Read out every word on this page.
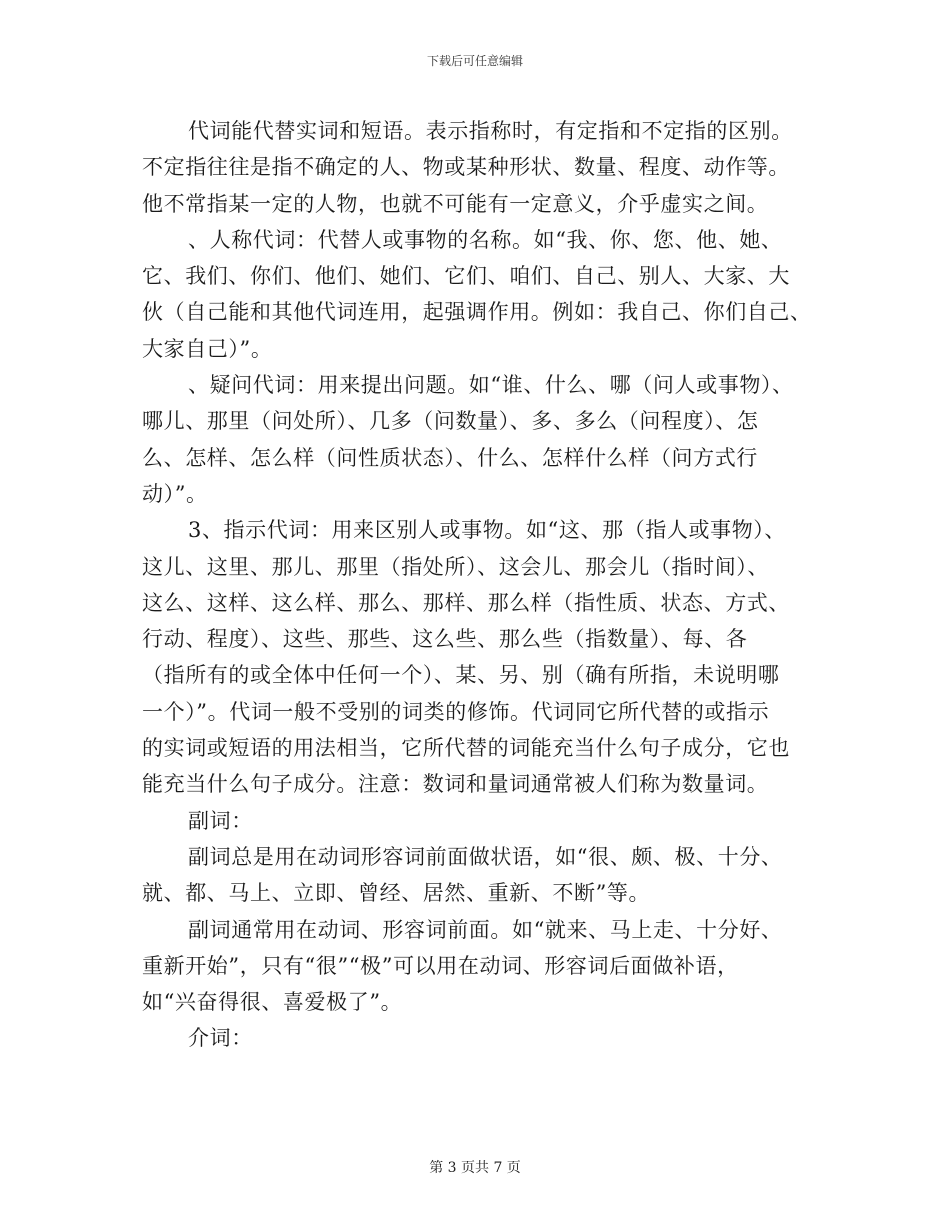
下载后可任意编辑
代词能代替实词和短语。表示指称时，有定指和不定指的区别。
不定指往往是指不确定的人、物或某种形状、数量、程度、动作等。
他不常指某一定的人物，也就不可能有一定意义，介乎虚实之间。
、人称代词：代替人或事物的名称。如“我、你、您、他、她、
它、我们、你们、他们、她们、它们、咱们、自己、别人、大家、大
伙（自己能和其他代词连用，起强调作用。例如：我自己、你们自己、
大家自己）”。
、疑问代词：用来提出问题。如“谁、什么、哪（问人或事物）、
哪儿、那里（问处所）、几多（问数量）、多、多么（问程度）、怎
么、怎样、怎么样（问性质状态）、什么、怎样什么样（问方式行
动）”。
3、指示代词：用来区别人或事物。如“这、那（指人或事物）、
这儿、这里、那儿、那里（指处所）、这会儿、那会儿（指时间）、
这么、这样、这么样、那么、那样、那么样（指性质、状态、方式、
行动、程度）、这些、那些、这么些、那么些（指数量）、每、各
（指所有的或全体中任何一个）、某、另、别（确有所指，未说明哪
一个）”。代词一般不受别的词类的修饰。代词同它所代替的或指示
的实词或短语的用法相当，它所代替的词能充当什么句子成分，它也
能充当什么句子成分。注意：数词和量词通常被人们称为数量词。
副词：
副词总是用在动词形容词前面做状语，如“很、颇、极、十分、
就、都、马上、立即、曾经、居然、重新、不断”等。
副词通常用在动词、形容词前面。如“就来、马上走、十分好、
重新开始”，只有“很”“极”可以用在动词、形容词后面做补语，
如“兴奋得很、喜爱极了”。
介词：
第 3 页共 7 页
